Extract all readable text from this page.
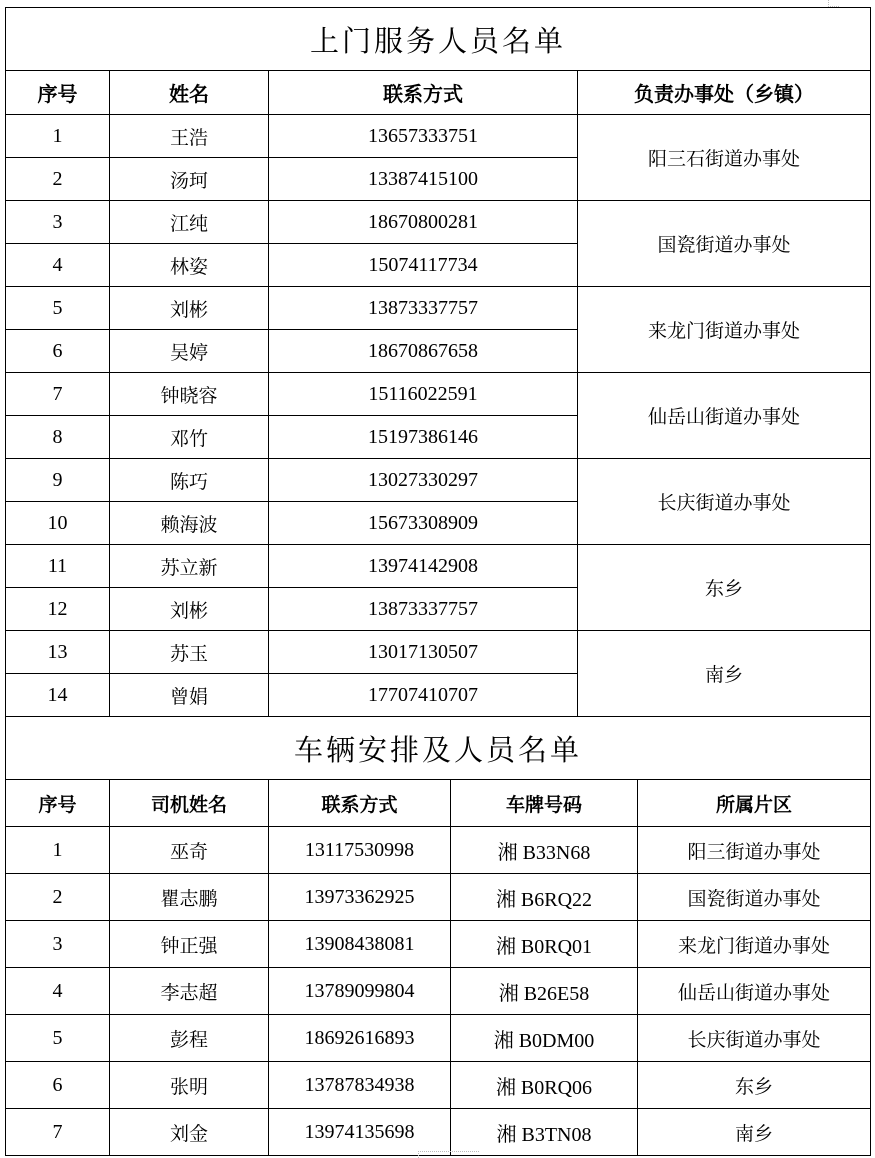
上门服务人员名单			
序号	姓名	联系方式	负责办事处（乡镇）
1	王浩	13657333751	阳三石街道办事处
2	汤珂	13387415100	
3	江纯	18670800281	国瓷街道办事处
4	林姿	15074117734	
5	刘彬	13873337757	来龙门街道办事处
6	吴婷	18670867658	
7	钟晓容	15116022591	仙岳山街道办事处
8	邓竹	15197386146	
9	陈巧	13027330297	长庆街道办事处
10	赖海波	15673308909	
11	苏立新	13974142908	东乡
12	刘彬	13873337757	
13	苏玉	13017130507	南乡
14	曾娟	17707410707	
车辆安排及人员名单				
序号	司机姓名	联系方式	车牌号码	所属片区
1	巫奇	13117530998	湘 B33N68	阳三街道办事处
2	瞿志鹏	13973362925	湘 B6RQ22	国瓷街道办事处
3	钟正强	13908438081	湘 B0RQ01	来龙门街道办事处
4	李志超	13789099804	湘 B26E58	仙岳山街道办事处
5	彭程	18692616893	湘 B0DM00	长庆街道办事处
6	张明	13787834938	湘 B0RQ06	东乡
7	刘金	13974135698	湘 B3TN08	南乡
